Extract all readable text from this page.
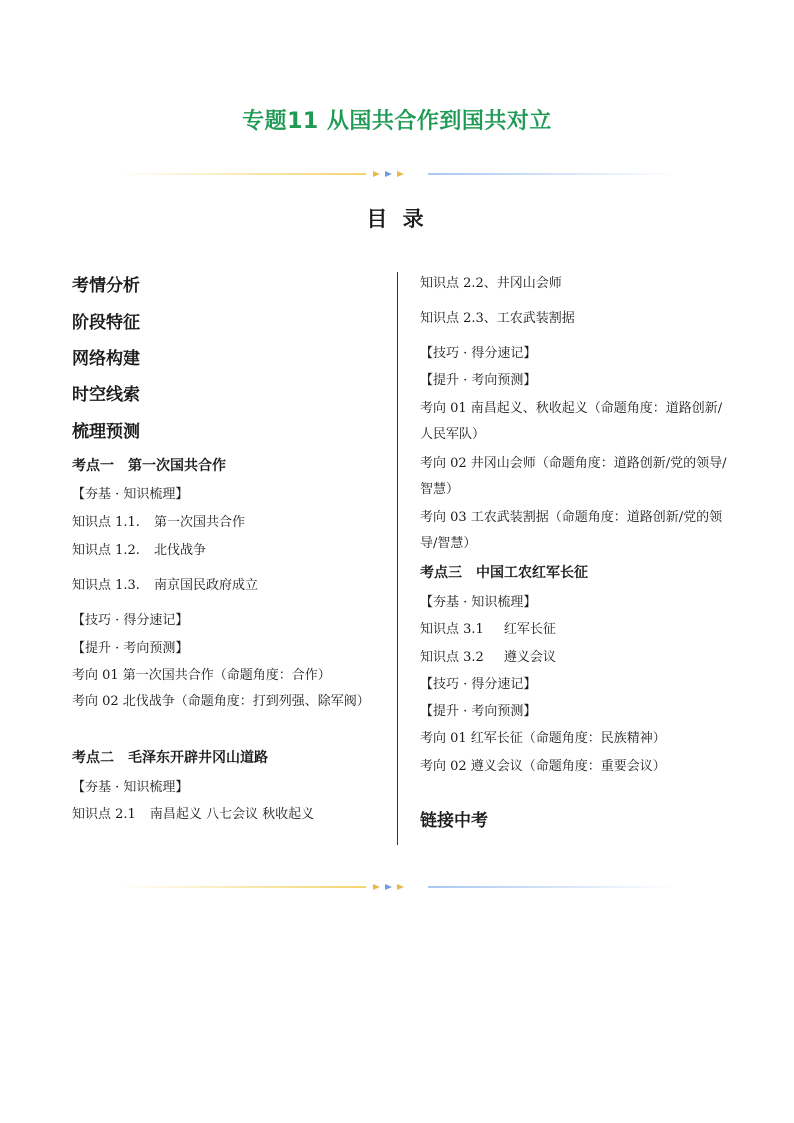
专题11 从国共合作到国共对立
目 录
考情分析
阶段特征
网络构建
时空线索
梳理预测
考点一 第一次国共合作
【夯基 · 知识梳理】
知识点 1.1. 第一次国共合作
知识点 1.2. 北伐战争
知识点 1.3. 南京国民政府成立
【技巧 · 得分速记】
【提升 · 考向预测】
考向 01 第一次国共合作（命题角度：合作）
考向 02 北伐战争（命题角度：打到列强、除军阀）
考点二 毛泽东开辟井冈山道路
【夯基 · 知识梳理】
知识点 2.1 南昌起义 八七会议 秋收起义
知识点 2.2、井冈山会师
知识点 2.3、工农武装割据
【技巧 · 得分速记】
【提升 · 考向预测】
考向 01 南昌起义、秋收起义（命题角度：道路创新/人民军队）
考向 02 井冈山会师（命题角度：道路创新/党的领导/智慧）
考向 03 工农武装割据（命题角度：道路创新/党的领导/智慧）
考点三 中国工农红军长征
【夯基 · 知识梳理】
知识点 3.1 红军长征
知识点 3.2 遵义会议
【技巧 · 得分速记】
【提升 · 考向预测】
考向 01 红军长征（命题角度：民族精神）
考向 02 遵义会议（命题角度：重要会议）
链接中考
